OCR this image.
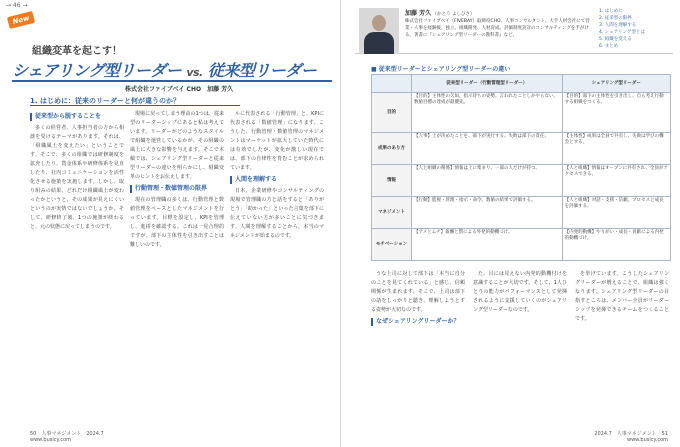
→ 46 →
New
組織変革を起こす！
シェアリング型リーダー vs. 従来型リーダー
株式会社ファイブベイ CHO　加藤 芳久
1. はじめに：従来のリーダーと何が違うのか？
従来型から脱することを

多くの経営者、人事担当者の方から相談を受けるテーマがあります。それは、「組織風土を変えたい」ということです。そこで、多くの組織では研修制度を拡充したり、賞金体系や研修体系を見直したり、社内コミュニケーションを活性化させる施策を実施します。しかし、取り組みの結果、どれだけ組織風土が変わったかというと、その成果が見えにくいというのが実情ではないでしょうか。そして、研修終了後、1つの施策が終わると、元の状態に戻ってしまうのです。

現場に戻ってしまう理由の1つは、従来型のリーダーシップにあると私は考えています。リーダーがどのようなスタイルで組織を運営しているかが、その組織の風土に大きな影響を与えます。そこで本稿では、シェアリング型リーダーと従来型リーダーの違いを明らかにし、組織変革のヒントをお伝えします。

行動管理・数値管理の限界

現在の管理職の多くは、行動管理と数値管理をベースとしたマネジメントを行っています。目標を設定し、KPIを管理し、進捗を確認する。これは一見合理的ですが、部下の主体性を引き出すことは難しいのです。

ルに代表される「行動管理」と、KPIに代表される「数値管理」になります。こうした、行動管理・数値管理のマネジメントはマーケットが拡大していた時代には有効でしたが、変化が激しい現在では、部下の自律性を育むことが求められています。

人間を理解する

日本、企業研修やコンサルティングの現場で管理職の方と話をすると「ありがとう」「助かった」といった言葉を部下に伝えていない方が多いことに気づきます。人間を理解することから、本当のマネジメントが始まるのです。

50　人事マネジメント　2024.7
www.busicy.com
加藤 芳久 （かとう よしひさ）
株式会社ファイブベイ（FIVEBAY）取締役CHO。人事コンサルタント。大手人材会社にて営業・人事を経験後、独立。組織開発、人材育成、評価制度設計のコンサルティングを手がける。著書に『シェアリング型リーダーの教科書』など。
1. はじめに
2. 従来型の限界
3. 人間を理解する
4. シェアリング型とは
5. 組織を変える
6. まとめ
■ 従来型リーダーとシェアリング型リーダーの違い
	従来型リーダー（行動管理型リーダー）	シェアリング型リーダー
目的	【目的】主体性の欠如、指示待ちの姿勢。言われたことしかやらない。数値目標の達成が最優先。	【目的】部下の主体性を引き出し、自ら考え行動する組織をつくる。
成果のあり方	【人事】上が決めたことを、部下が実行する。失敗は部下の責任。	【主体性】成果は全員で共有し、失敗は学びの機会とする。
情報	【人と組織の関係】情報は上に集まり、一部の人だけが持つ。	【人と組織】情報はオープンに共有され、全員がアクセスできる。
マネジメント	【行動】監視・管理・指示・命令。数値の結果で評価する。	【人と組織】対話・支援・信頼。プロセスと成長を評価する。
モチベーション	【アメとムチ】報酬と罰による外発的動機づけ。	【内発的動機】やりがい・成長・貢献による内発的動機づけ。

うな上司に対して部下は「本当に自分のことを見てくれている」と感じ、信頼関係が生まれます。そこで、上司は部下の話をしっかりと聴き、理解しようとする姿勢が大切なのです。

なぜシェアリングリーダーか？

た。目には見えない内発的動機付けを意識することが大切です。そして、1人ひとりの能力がパフォーマンスとして発揮されるように支援していくのがシェアリング型リーダーなのです。

を挙げています。こうしたシェアリングリーダーが増えることで、組織は強くなります。シェアリング型リーダーの目指すところは、メンバー全員がリーダーシップを発揮できるチームをつくることです。

2024.7　人事マネジメント　51
www.busicy.com
